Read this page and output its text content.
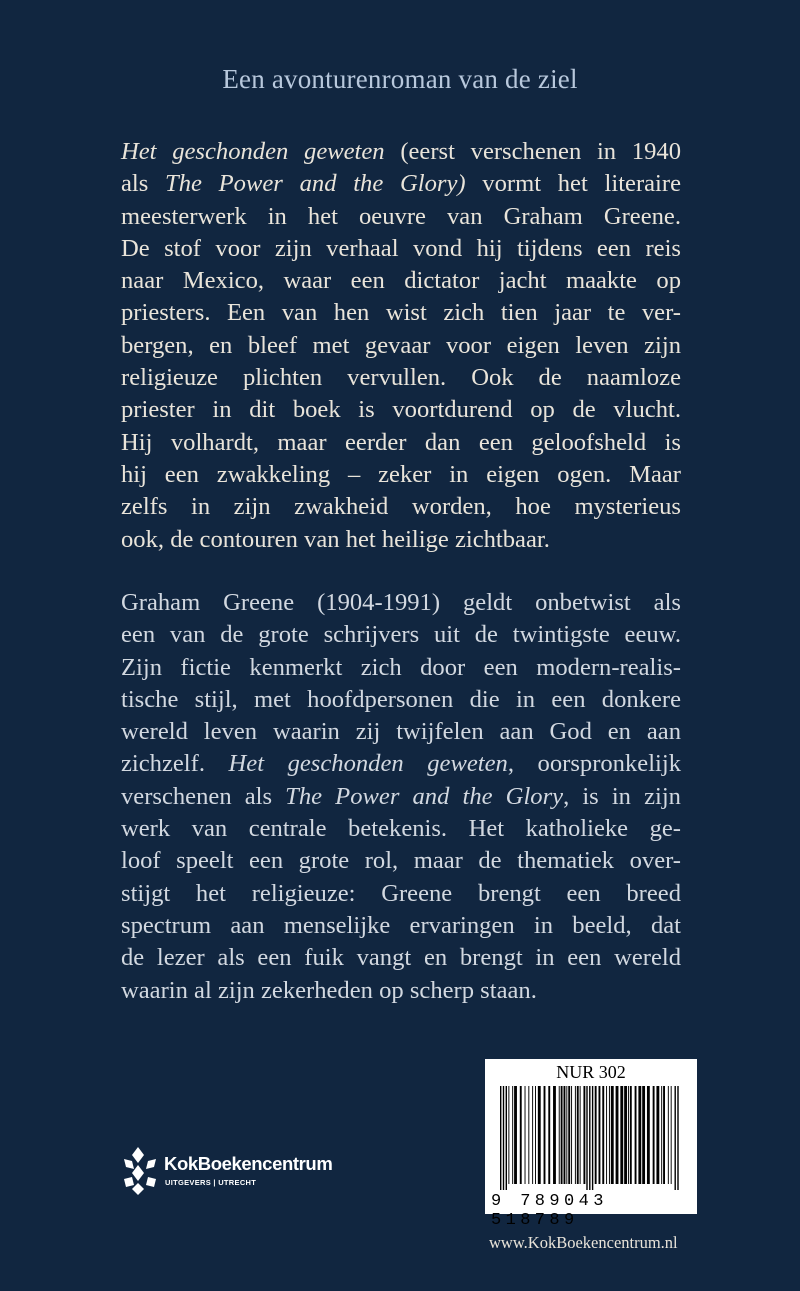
Een avonturenroman van de ziel
Het geschonden geweten (eerst verschenen in 1940
als The Power and the Glory) vormt het literaire
meesterwerk in het oeuvre van Graham Greene.
De stof voor zijn verhaal vond hij tijdens een reis
naar Mexico, waar een dictator jacht maakte op
priesters. Een van hen wist zich tien jaar te ver-
bergen, en bleef met gevaar voor eigen leven zijn
religieuze plichten vervullen. Ook de naamloze
priester in dit boek is voortdurend op de vlucht.
Hij volhardt, maar eerder dan een geloofsheld is
hij een zwakkeling – zeker in eigen ogen. Maar
zelfs in zijn zwakheid worden, hoe mysterieus
ook, de contouren van het heilige zichtbaar.
Graham Greene (1904-1991) geldt onbetwist als
een van de grote schrijvers uit de twintigste eeuw.
Zijn fictie kenmerkt zich door een modern-realis-
tische stijl, met hoofdpersonen die in een donkere
wereld leven waarin zij twijfelen aan God en aan
zichzelf. Het geschonden geweten, oorspronkelijk
verschenen als The Power and the Glory, is in zijn
werk van centrale betekenis. Het katholieke ge-
loof speelt een grote rol, maar de thematiek over-
stijgt het religieuze: Greene brengt een breed
spectrum aan menselijke ervaringen in beeld, dat
de lezer als een fuik vangt en brengt in een wereld
waarin al zijn zekerheden op scherp staan.
KokBoekencentrum
UITGEVERS | UTRECHT
NUR 302
9 789043 518789
www.KokBoekencentrum.nl
